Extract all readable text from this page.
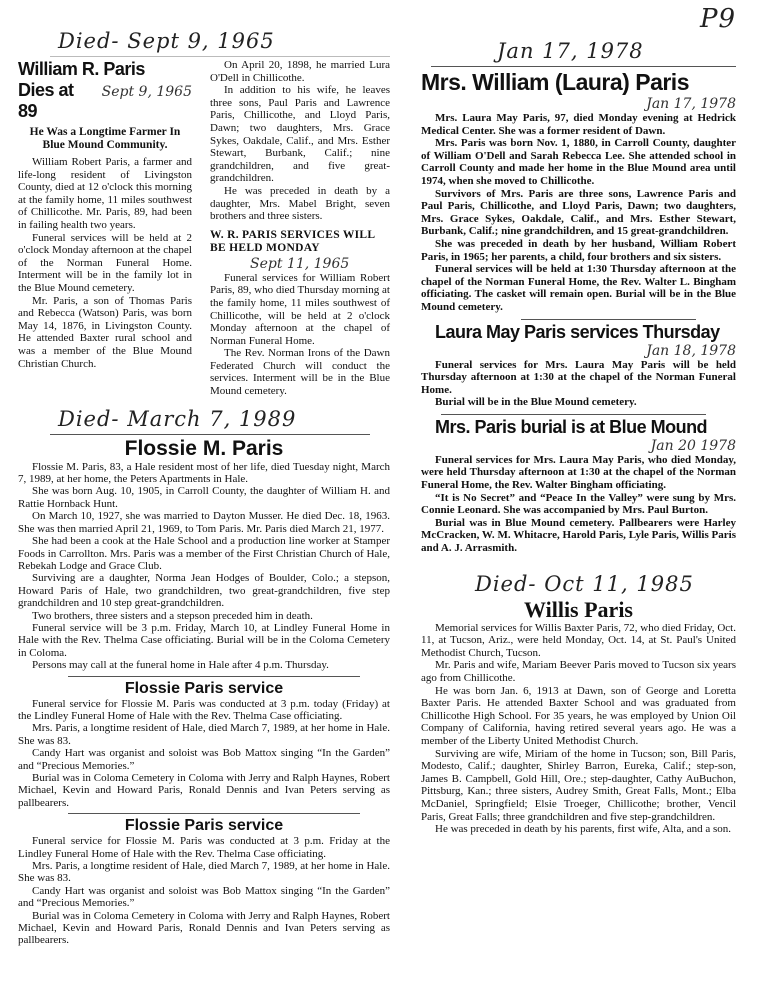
P9
Died- Sept 9, 1965
William R. Paris
Dies at 89
Sept 9, 1965
He Was a Longtime Farmer In Blue Mound Community.

William Robert Paris, a farmer and life-long resident of Livingston County, died at 12 o'clock this morning at the family home, 11 miles southwest of Chillicothe. Mr. Paris, 89, had been in failing health two years.

Funeral services will be held at 2 o'clock Monday afternoon at the chapel of the Norman Funeral Home. Interment will be in the family lot in the Blue Mound cemetery.

Mr. Paris, a son of Thomas Paris and Rebecca (Watson) Paris, was born May 14, 1876, in Livingston County. He attended Baxter rural school and was a member of the Blue Mound Christian Church.

On April 20, 1898, he married Lura O'Dell in Chillicothe.

In addition to his wife, he leaves three sons, Paul Paris and Lawrence Paris, Chillicothe, and Lloyd Paris, Dawn; two daughters, Mrs. Grace Sykes, Oakdale, Calif., and Mrs. Esther Stewart, Burbank, Calif.; nine grandchildren, and five great-grandchildren.

He was preceded in death by a daughter, Mrs. Mabel Bright, seven brothers and three sisters.

W. R. PARIS SERVICES WILL BE HELD MONDAY
Sept 11, 1965

Funeral services for William Robert Paris, 89, who died Thursday morning at the family home, 11 miles southwest of Chillicothe, will be held at 2 o'clock Monday afternoon at the chapel of Norman Funeral Home.

The Rev. Norman Irons of the Dawn Federated Church will conduct the services. Interment will be in the Blue Mound cemetery.

Died- March 7, 1989
Flossie M. Paris

Flossie M. Paris, 83, a Hale resident most of her life, died Tuesday night, March 7, 1989, at her home, the Peters Apartments in Hale.

She was born Aug. 10, 1905, in Carroll County, the daughter of William H. and Rattie Hornback Hunt.

On March 10, 1927, she was married to Dayton Musser. He died Dec. 18, 1963. She was then married April 21, 1969, to Tom Paris. Mr. Paris died March 21, 1977.

She had been a cook at the Hale School and a production line worker at Stamper Foods in Carrollton. Mrs. Paris was a member of the First Christian Church of Hale, Rebekah Lodge and Grace Club.

Surviving are a daughter, Norma Jean Hodges of Boulder, Colo.; a stepson, Howard Paris of Hale, two grandchildren, two great-grandchildren, five step grandchildren and 10 step great-grandchildren.

Two brothers, three sisters and a stepson preceded him in death.

Funeral service will be 3 p.m. Friday, March 10, at Lindley Funeral Home in Hale with the Rev. Thelma Case officiating. Burial will be in the Coloma Cemetery in Coloma.

Persons may call at the funeral home in Hale after 4 p.m. Thursday.

Flossie Paris service

Funeral service for Flossie M. Paris was conducted at 3 p.m. today (Friday) at the Lindley Funeral Home of Hale with the Rev. Thelma Case officiating.

Mrs. Paris, a longtime resident of Hale, died March 7, 1989, at her home in Hale. She was 83.

Candy Hart was organist and soloist was Bob Mattox singing “In the Garden” and “Precious Memories.”

Burial was in Coloma Cemetery in Coloma with Jerry and Ralph Haynes, Robert Michael, Kevin and Howard Paris, Ronald Dennis and Ivan Peters serving as pallbearers.

Flossie Paris service

Funeral service for Flossie M. Paris was conducted at 3 p.m. Friday at the Lindley Funeral Home of Hale with the Rev. Thelma Case officiating.

Mrs. Paris, a longtime resident of Hale, died March 7, 1989, at her home in Hale. She was 83.

Candy Hart was organist and soloist was Bob Mattox singing “In the Garden” and “Precious Memories.”

Burial was in Coloma Cemetery in Coloma with Jerry and Ralph Haynes, Robert Michael, Kevin and Howard Paris, Ronald Dennis and Ivan Peters serving as pallbearers.

Jan 17, 1978
Mrs. William (Laura) Paris
Jan 17, 1978

Mrs. Laura May Paris, 97, died Monday evening at Hedrick Medical Center. She was a former resident of Dawn.

Mrs. Paris was born Nov. 1, 1880, in Carroll County, daughter of William O'Dell and Sarah Rebecca Lee. She attended school in Carroll County and made her home in the Blue Mound area until 1974, when she moved to Chillicothe.

Survivors of Mrs. Paris are three sons, Lawrence Paris and Paul Paris, Chillicothe, and Lloyd Paris, Dawn; two daughters, Mrs. Grace Sykes, Oakdale, Calif., and Mrs. Esther Stewart, Burbank, Calif.; nine grandchildren, and 15 great-grandchildren.

She was preceded in death by her husband, William Robert Paris, in 1965; her parents, a child, four brothers and six sisters.

Funeral services will be held at 1:30 Thursday afternoon at the chapel of the Norman Funeral Home, the Rev. Walter L. Bingham officiating. The casket will remain open. Burial will be in the Blue Mound cemetery.

Laura May Paris services Thursday
Jan 18, 1978

Funeral services for Mrs. Laura May Paris will be held Thursday afternoon at 1:30 at the chapel of the Norman Funeral Home.

Burial will be in the Blue Mound cemetery.

Mrs. Paris burial is at Blue Mound
Jan 20 1978

Funeral services for Mrs. Laura May Paris, who died Monday, were held Thursday afternoon at 1:30 at the chapel of the Norman Funeral Home, the Rev. Walter Bingham officiating.

“It is No Secret” and “Peace In the Valley” were sung by Mrs. Connie Leonard. She was accompanied by Mrs. Paul Burton.

Burial was in Blue Mound cemetery. Pallbearers were Harley McCracken, W. M. Whitacre, Harold Paris, Lyle Paris, Willis Paris and A. J. Arrasmith.

Died- Oct 11, 1985
Willis Paris

Memorial services for Willis Baxter Paris, 72, who died Friday, Oct. 11, at Tucson, Ariz., were held Monday, Oct. 14, at St. Paul's United Methodist Church, Tucson.

Mr. Paris and wife, Mariam Beever Paris moved to Tucson six years ago from Chillicothe.

He was born Jan. 6, 1913 at Dawn, son of George and Loretta Baxter Paris. He attended Baxter School and was graduated from Chillicothe High School. For 35 years, he was employed by Union Oil Company of California, having retired several years ago. He was a member of the Liberty United Methodist Church.

Surviving are wife, Miriam of the home in Tucson; son, Bill Paris, Modesto, Calif.; daughter, Shirley Barron, Eureka, Calif.; step-son, James B. Campbell, Gold Hill, Ore.; step-daughter, Cathy AuBuchon, Pittsburg, Kan.; three sisters, Audrey Smith, Great Falls, Mont.; Elba McDaniel, Springfield; Elsie Troeger, Chillicothe; brother, Vencil Paris, Great Falls; three grandchildren and five step-grandchildren.

He was preceded in death by his parents, first wife, Alta, and a son.
